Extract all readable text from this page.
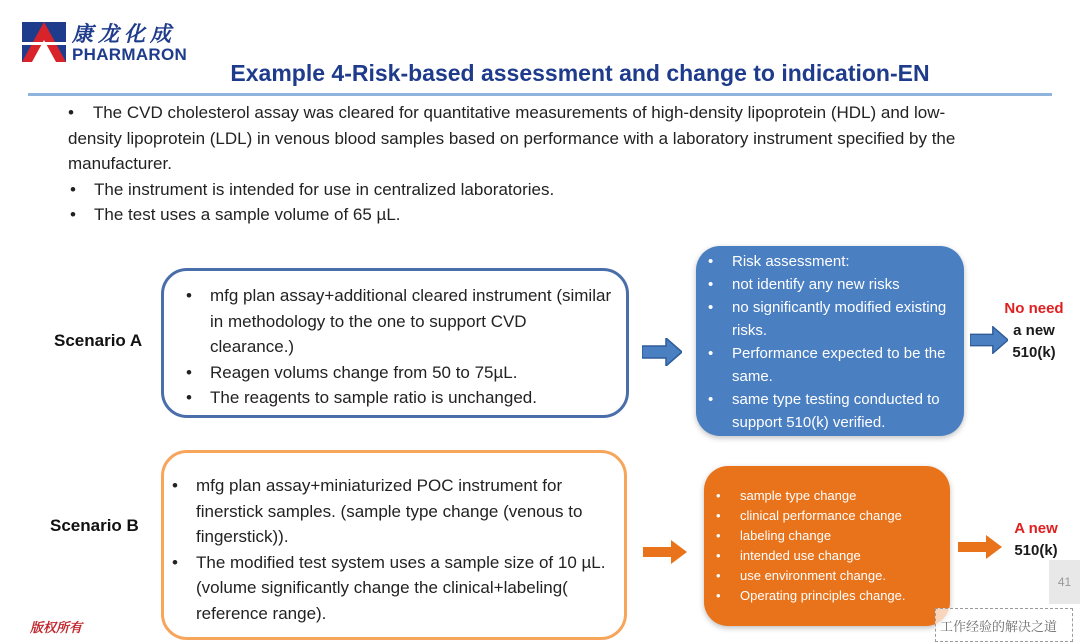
康龙化成
PHARMARON
Example 4-Risk-based assessment and change to indication-EN

•    The CVD cholesterol assay was cleared for quantitative measurements of high-density lipoprotein (HDL) and low-density lipoprotein (LDL) in venous blood samples based on performance with a laboratory instrument specified by the manufacturer.

• The instrument is intended for use in centralized laboratories.

• The test uses a sample volume of 65 µL.

Scenario A
• mfg plan assay+additional cleared instrument (similar in methodology to the one to support CVD clearance.)
• Reagen volums change from 50 to 75µL.
• The reagents to sample ratio is unchanged.
• Risk assessment:
• not identify any new risks
• no significantly modified existing risks.
• Performance expected to be the same.
• same type testing conducted to support 510(k) verified.
No need
a new
510(k)
Scenario B
• mfg plan assay+miniaturized POC instrument for finerstick samples. (sample type change (venous to fingerstick)).
• The modified test system uses a sample size of 10 µL. (volume significantly change the clinical+labeling( reference range).
• sample type change
• clinical performance change
• labeling change
• intended use change
• use environment change.
• Operating principles change.
A new
510(k)
41
版权所有	工作经验的解决之道
